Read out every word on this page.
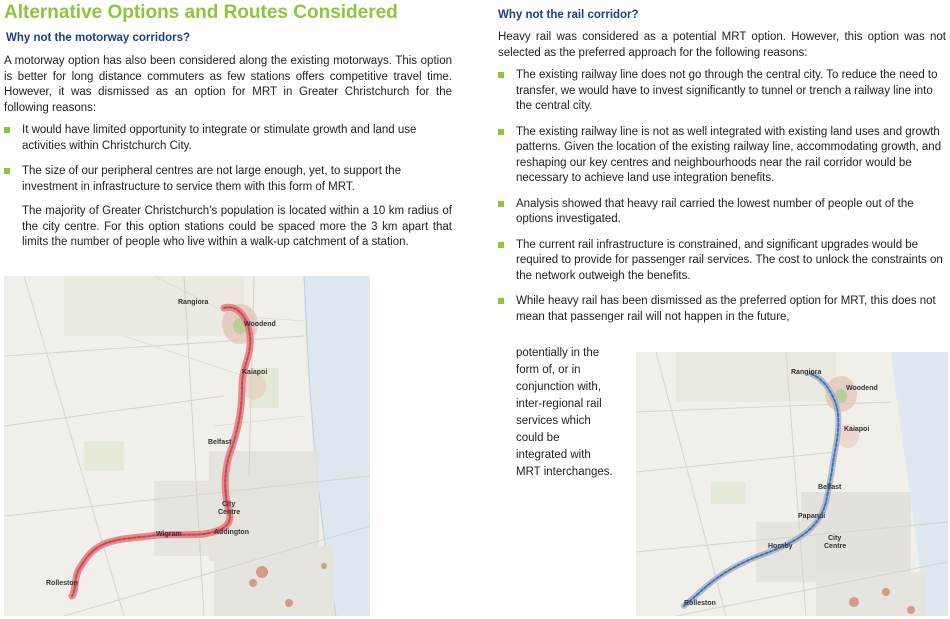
Alternative Options and Routes Considered
Why not the motorway corridors?
A motorway option has also been considered along the existing motorways. This option is better for long distance commuters as few stations offers competitive travel time. However, it was dismissed as an option for MRT in Greater Christchurch for the following reasons:
It would have limited opportunity to integrate or stimulate growth and land use activities within Christchurch City.
The size of our peripheral centres are not large enough, yet, to support the investment in infrastructure to service them with this form of MRT.
The majority of Greater Christchurch’s population is located within a 10 km radius of the city centre. For this option stations could be spaced more the 3 km apart that limits the number of people who live within a walk-up catchment of a station.
Rangiora
Woodend
Kaiapoi
Belfast
City
Centre
Wigram	Addington
Rolleston
Why not the rail corridor?
Heavy rail was considered as a potential MRT option. However, this option was not selected as the preferred approach for the following reasons:
The existing railway line does not go through the central city. To reduce the need to transfer, we would have to invest significantly to tunnel or trench a railway line into the central city.
The existing railway line is not as well integrated with existing land uses and growth patterns. Given the location of the existing railway line, accommodating growth, and reshaping our key centres and neighbourhoods near the rail corridor would be necessary to achieve land use integration benefits.
Analysis showed that heavy rail carried the lowest number of people out of the options investigated.
The current rail infrastructure is constrained, and significant upgrades would be required to provide for passenger rail services. The cost to unlock the constraints on the network outweigh the benefits.
While heavy rail has been dismissed as the preferred option for MRT, this does not mean that passenger rail will not happen in the future,
potentially in the
form of, or in
conjunction with,
inter-regional rail
services which
could be
integrated with
MRT interchanges.
Rangiora
Woodend
Kaiapoi
Belfast
Papanui
Hornby
City
Centre
Rolleston
